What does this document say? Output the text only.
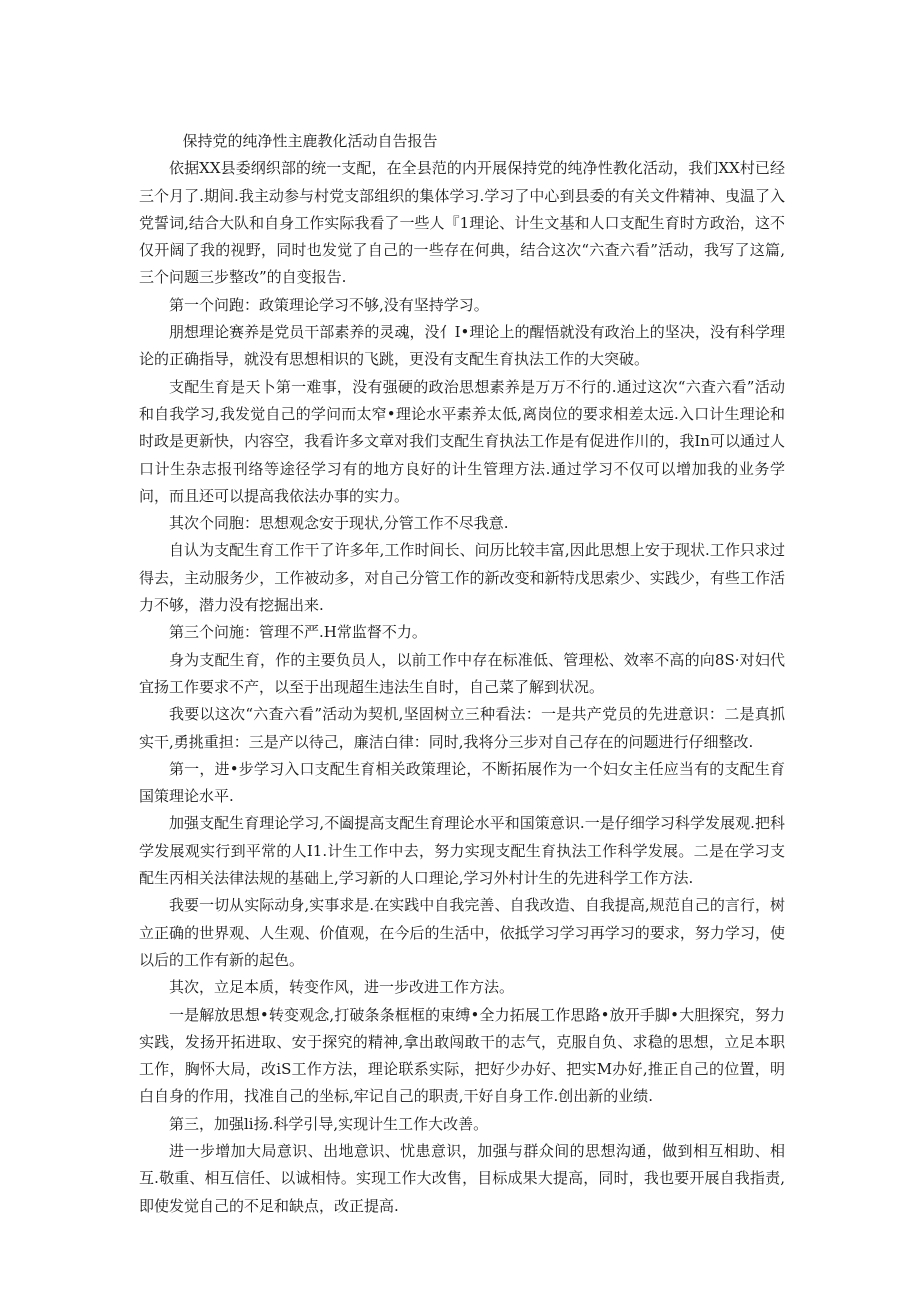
保持党的纯净性主鹿教化活动自告报告

依据XX县委纲织部的统一支配，在全县范的内开展保持党的纯净性教化活动，我们XX村已经三个月了.期间.我主动参与村党支部组织的集体学习.学习了中心到县委的有关文件精神、曳温了入党誓词,结合大队和自身工作实际我看了一些人『1理论、计生文基和人口支配生育时方政治，这不仅开阔了我的视野，同时也发觉了自己的一些存在何典，结合这次“六査六看”活动，我写了这篇,三个问题三步整改”的自变报告.

第一个问跑：政策理论学习不够,没有坚持学习。

朋想理论赛养是党员干部素养的灵魂，没亻I•理论上的醒悟就没有政治上的坚决，没有科学理论的正确指导，就没有思想相识的飞跳，更没有支配生育执法工作的大突破。

支配生育是天卜第一难事，没有强硬的政治思想素养是万万不行的.通过这次“六査六看”活动和自我学习,我发觉自己的学问而太窄•理论水平素养太低,离岗位的要求相差太远.入口计生理论和时政是更新快，内容空，我看许多文章对我们支配生育执法工作是有促进作川的，我In可以通过人口计生杂志报刊络等途径学习有的地方良好的计生管理方法.通过学习不仅可以增加我的业务学问，而且还可以提高我依法办事的实力。

其次个同胞：思想观念安于现状,分管工作不尽我意.

自认为支配生育工作干了许多年,工作时间长、问历比较丰富,因此思想上安于现状.工作只求过得去，主动服务少，工作被动多，对自己分管工作的新改变和新特戊思索少、实践少，有些工作活力不够，潜力没有挖掘出来.

第三个问施：管理不严.H常监督不力。

身为支配生育，作的主要负员人，以前工作中存在标准低、管理松、效率不高的向8S·对妇代宜扬工作要求不产，以至于出现超生违法生自时，自己菜了解到状况。

我要以这次“六査六看”活动为契机,坚固树立三种看法：一是共产党员的先进意识：二是真抓实干,勇挑重担：三是产以待己，廉洁白律：同时,我将分三步对自己存在的问题进行仔细整改.

第一，进•步学习入口支配生育相关政策理论，不断拓展作为一个妇女主任应当有的支配生育国策理论水平.

加强支配生育理论学习,不阖提高支配生育理论水平和国策意识.一是仔细学习科学发展观.把科学发展观实行到平常的人I1.计生工作中去，努力实现支配生育执法工作科学发展。二是在学习支配生丙相关法律法规的基础上,学习新的人口理论,学习外村计生的先进科学工作方法.

我要一切从实际动身,实事求是.在实践中自我完善、自我改造、自我提高,规范自己的言行，树立正确的世界观、人生观、价值观，在今后的生活中，依抵学习学习再学习的要求，努力学习，使以后的工作有新的起色。

其次，立足本质，转变作风，进一步改进工作方法。

一是解放思想•转变观念,打破条条框框的束缚•全力拓展工作思路•放开手脚•大胆探究，努力实践，发扬开拓进取、安于探究的精神,拿出敢闯敢干的志气，克服自负、求稳的思想，立足本职工作，胸怀大局，改iS工作方法，理论联系实际，把好少办好、把实M办好,推正自己的位置，明白自身的作用，找准自己的坐标,牢记自己的职责,干好自身工作.创出新的业绩.

第三，加强li扬.科学引导,实现计生工作大改善。

进一步增加大局意识、出地意识、忧患意识，加强与群众间的思想沟通，做到相互相助、相互.敬重、相互信任、以诚相恃。实现工作大改售，目标成果大提高，同时，我也要开展自我指责,即使发觉自己的不足和缺点，改正提高.
